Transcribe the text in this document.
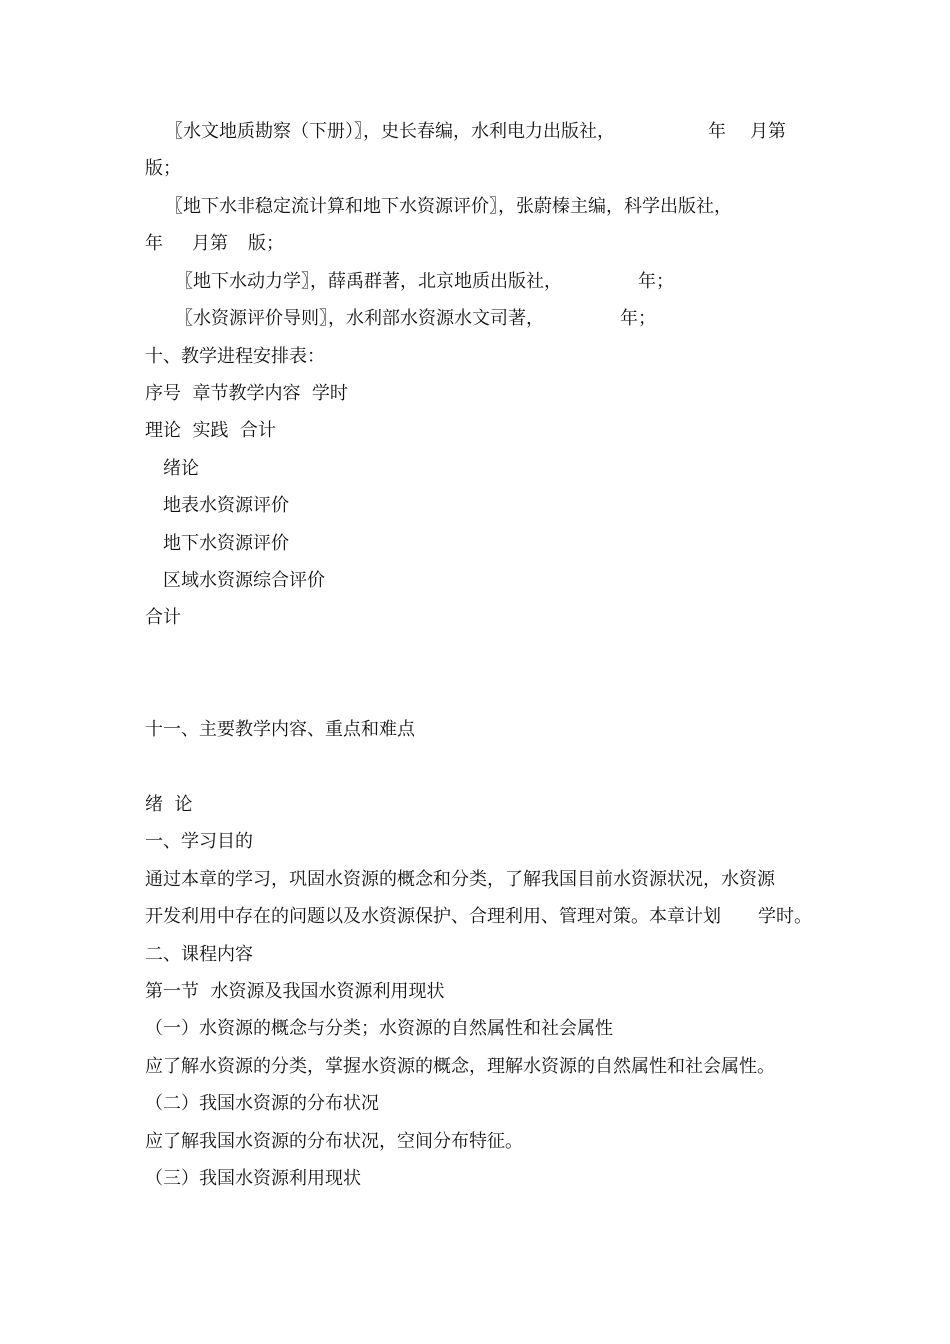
〖水文地质勘察（下册）〗，史长春编，水利电力出版社，	年 月第
版；
〖地下水非稳定流计算和地下水资源评价〗，张蔚榛主编，科学出版社，
年 月第 版；
〖地下水动力学〗，薛禹群著，北京地质出版社，	年；
〖水资源评价导则〗，水利部水资源水文司著，	年；
十、教学进程安排表：
序号  章节教学内容  学时
理论  实践  合计
绪论
地表水资源评价
地下水资源评价
区域水资源综合评价
合计
十一、主要教学内容、重点和难点
绪  论
一、学习目的
通过本章的学习，巩固水资源的概念和分类，了解我国目前水资源状况，水资源
开发利用中存在的问题以及水资源保护、合理利用、管理对策。本章计划 学时。
二、课程内容
第一节  水资源及我国水资源利用现状
（一）水资源的概念与分类；水资源的自然属性和社会属性
应了解水资源的分类，掌握水资源的概念，理解水资源的自然属性和社会属性。
（二）我国水资源的分布状况
应了解我国水资源的分布状况，空间分布特征。
（三）我国水资源利用现状
